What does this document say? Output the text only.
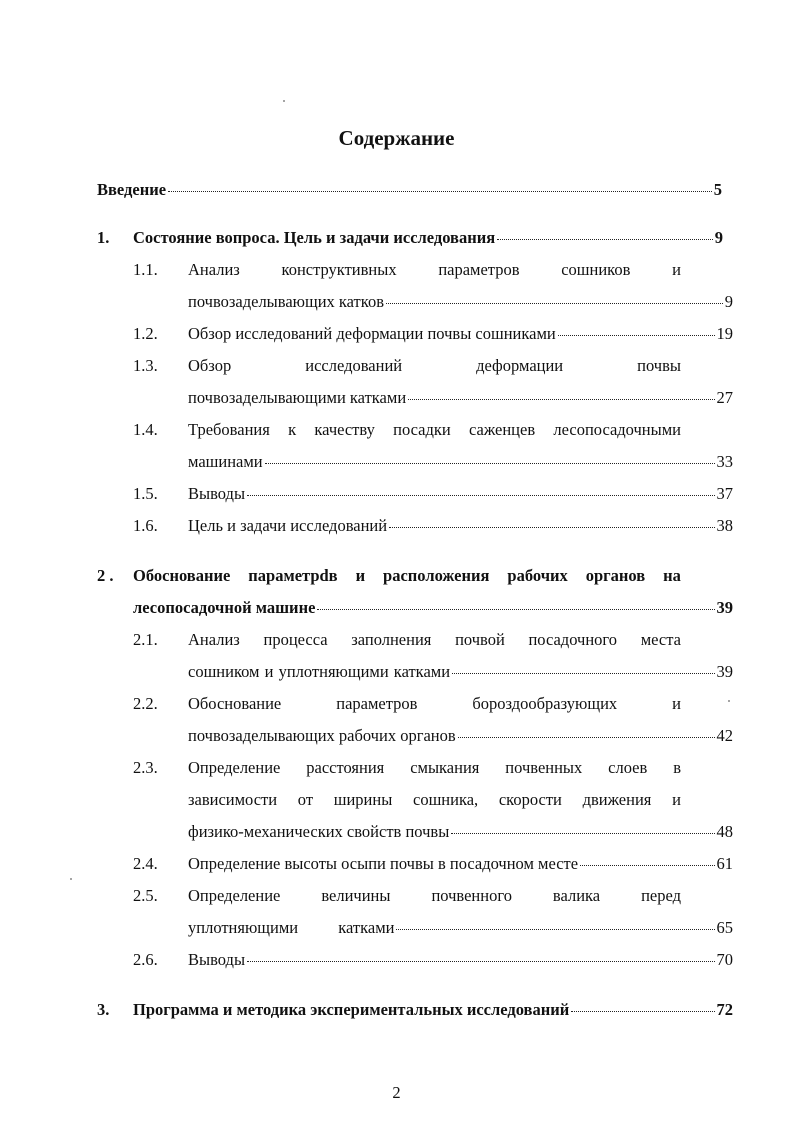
Содержание
Введение	5
1. Состояние вопроса. Цель и задачи исследования	9
1.1. Анализ	конструктивных	параметров	сошников	и
почвозаделывающих катков	9
1.2. Обзор исследований деформации почвы сошниками	19
1.3. Обзор	исследований	деформации	почвы
почвозаделывающими катками	27
1.4. Требования к качеству посадки саженцев лесопосадочными
машинами	33
1.5. Выводы	37
1.6. Цель и задачи исследований	38
2 . Обоснование параметрdв и расположения рабочих органов на
лесопосадочной машине	39
2.1. Анализ процесса заполнения почвой посадочного места
сошником и уплотняющими катками	39
2.2. Обоснование	параметров	бороздообразующих	и
почвозаделывающих рабочих органов	42
2.3. Определение расстояния смыкания почвенных слоев в
зависимости от ширины сошника, скорости движения и
физико-механических свойств почвы	48
2.4. Определение высоты осыпи почвы в посадочном месте	61
2.5. Определение величины почвенного валика перед
уплотняющими катками	65
2.6. Выводы	70
3. Программа и методика экспериментальных исследований	72
2
